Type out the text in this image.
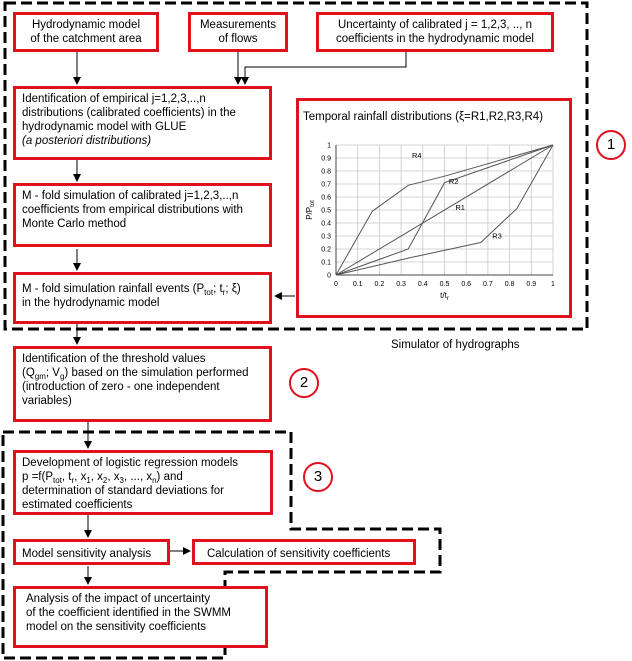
Hydrodynamic model
of the catchment area
Measurements
of flows
Uncertainty of calibrated j = 1,2,3, .., n
coefficients in the hydrodynamic model
Identification of empirical j=1,2,3,..,n
distributions (calibrated coefficients) in the
hydrodynamic model with GLUE
(a posteriori distributions)
M - fold simulation of calibrated j=1,2,3,..,n
coefficients from empirical distributions with
Monte Carlo method
M - fold simulation rainfall events ($P_{tot}$; $t_r$; ξ)
in the hydrodynamic model
Temporal rainfall distributions (ξ=R1,R2,R3,R4)
0 0.1 0.2 0.3 0.4 0.5 0.6 0.7 0.8 0.9 1
0
0.1
0.2
0.3
0.4
0.5
0.6
0.7
0.8
0.9
1
$t/t_r$
$P/P_{tot}$
R4
R2
R1
R3
Identification of the threshold values
($Q_{gm}$; $V_g$) based on the simulation performed
(introduction of zero - one independent
variables)
Development of logistic regression models
$p =f(P_{tot}$, $t_r$, $x_1$, $x_2$, $x_3$, ..., $x_n$) and
determination of standard deviations for
estimated coefficients
Model sensitivity analysis	Calculation of sensitivity coefficients
Analysis of the impact of uncertainty
of the coefficient identified in the SWMM
model on the sensitivity coefficients
1
2
3
Simulator of hydrographs
